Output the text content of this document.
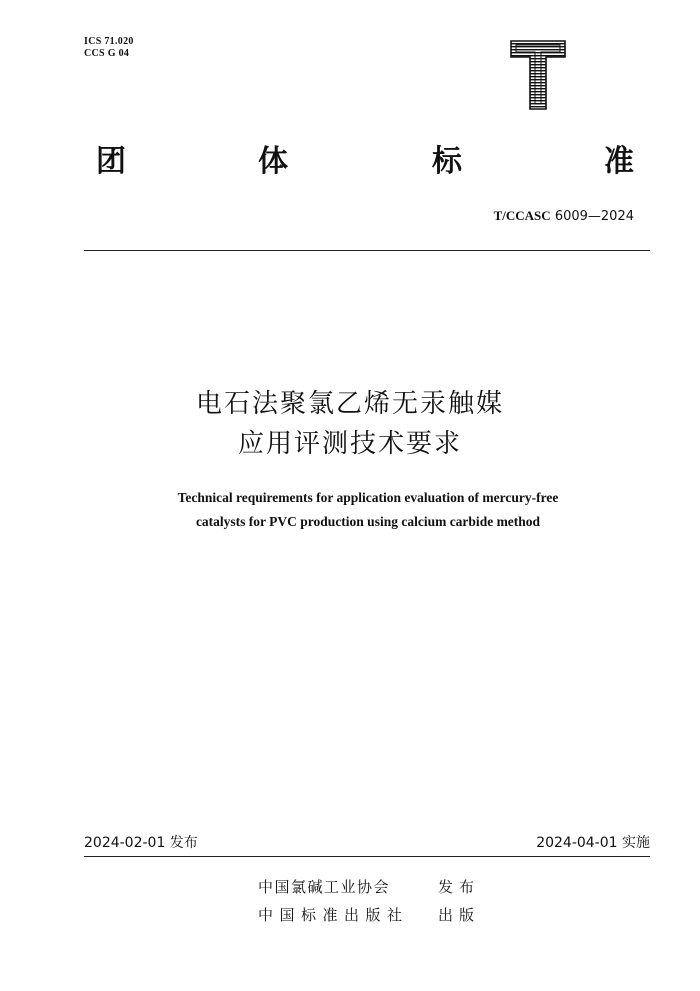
ICS 71.020
CCS G 04
团	体	标	准
T/CCASC 6009—2024
电石法聚氯乙烯无汞触媒
应用评测技术要求
Technical requirements for application evaluation of mercury-free
catalysts for PVC production using calcium carbide method
2024-02-01 发布	2024-04-01 实施
中国氯碱工业协会	发布
中国标准出版社 出版
